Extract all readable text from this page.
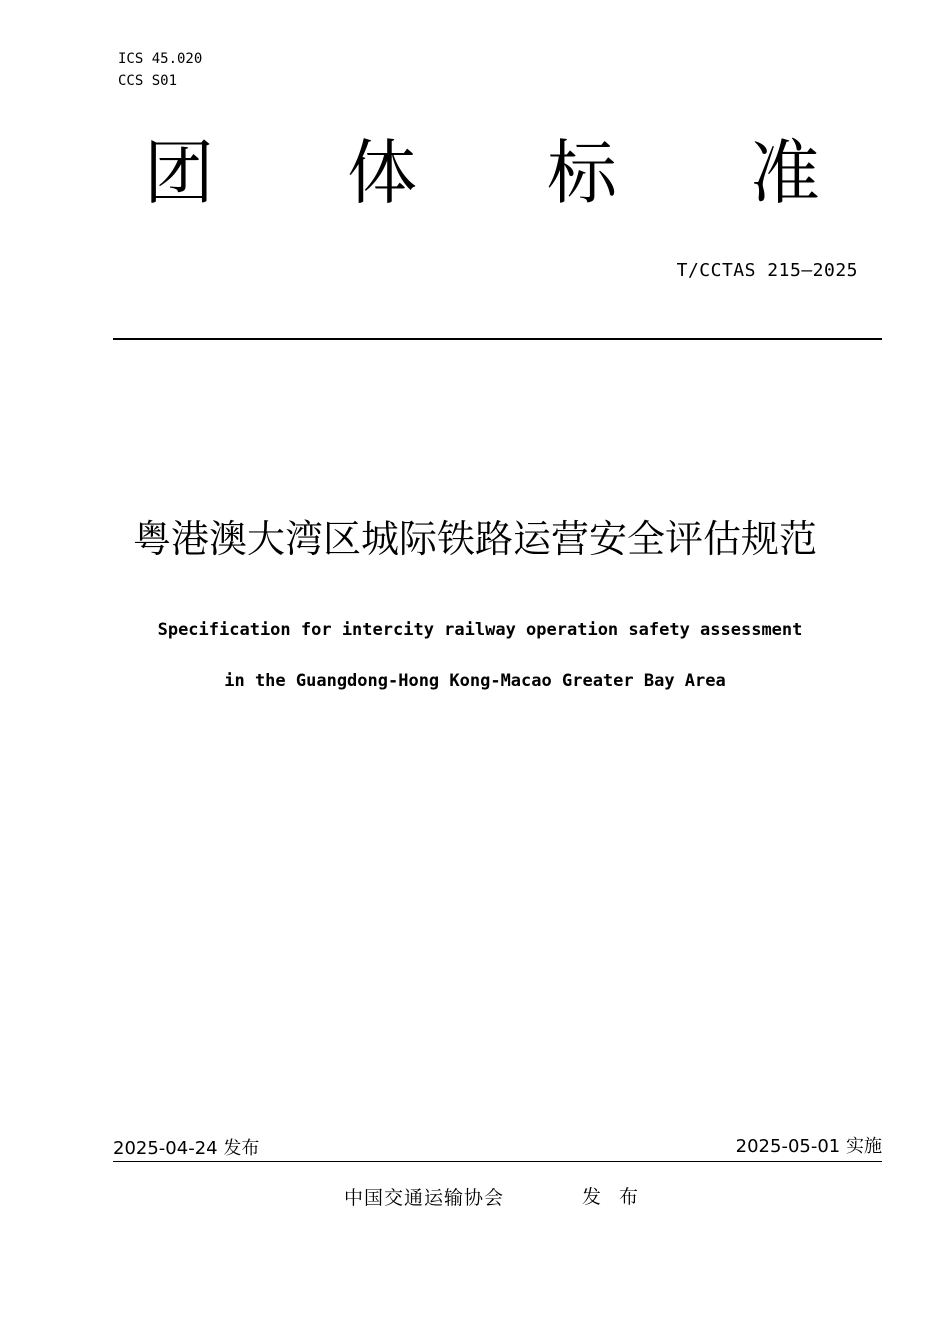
ICS 45.020
CCS S01
团 体 标 准
T/CCTAS 215—2025
粤港澳大湾区城际铁路运营安全评估规范
Specification for intercity railway operation safety assessment
in the Guangdong-Hong Kong-Macao Greater Bay Area
2025-04-24 发布	2025-05-01 实施
中国交通运输协会	发 布
